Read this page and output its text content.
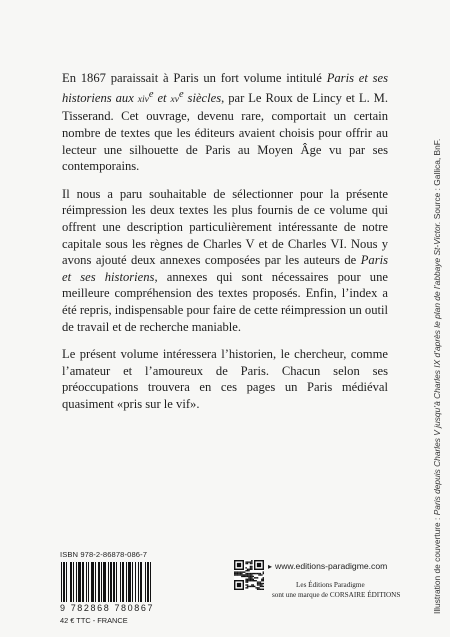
En 1867 paraissait à Paris un fort volume intitulé Paris et ses historiens aux xiv$^e$ et $xv^e$ siècles, par Le Roux de Lincy et L. M. Tisserand. Cet ouvrage, devenu rare, comportait un certain nombre de textes que les éditeurs avaient choisis pour offrir au lecteur une silhouette de Paris au Moyen Âge vu par ses contemporains.

Il nous a paru souhaitable de sélectionner pour la présente réimpression les deux textes les plus fournis de ce volume qui offrent une description particulièrement intéressante de notre capitale sous les règnes de Charles V et de Charles VI. Nous y avons ajouté deux annexes composées par les auteurs de Paris et ses historiens, annexes qui sont nécessaires pour une meilleure compréhension des textes proposés. Enfin, l’index a été repris, indispensable pour faire de cette réimpression un outil de travail et de recherche maniable.

Le présent volume intéressera l’historien, le chercheur, comme l’amateur et l’amoureux de Paris. Chacun selon ses préoccupations trouvera en ces pages un Paris médiéval quasiment «pris sur le vif».

ISBN 978-2-86878-086-7
9 782868 780867
42 € TTC - FRANCE
▸ www.editions-paradigme.com
Les Éditions Paradigme
sont une marque de CORSAIRE ÉDITIONS	Illustration de couverture : Paris depuis Charles V jusqu’à Charles IX d’après le plan de l’abbaye St-Victor. Source : Gallica, BnF.
